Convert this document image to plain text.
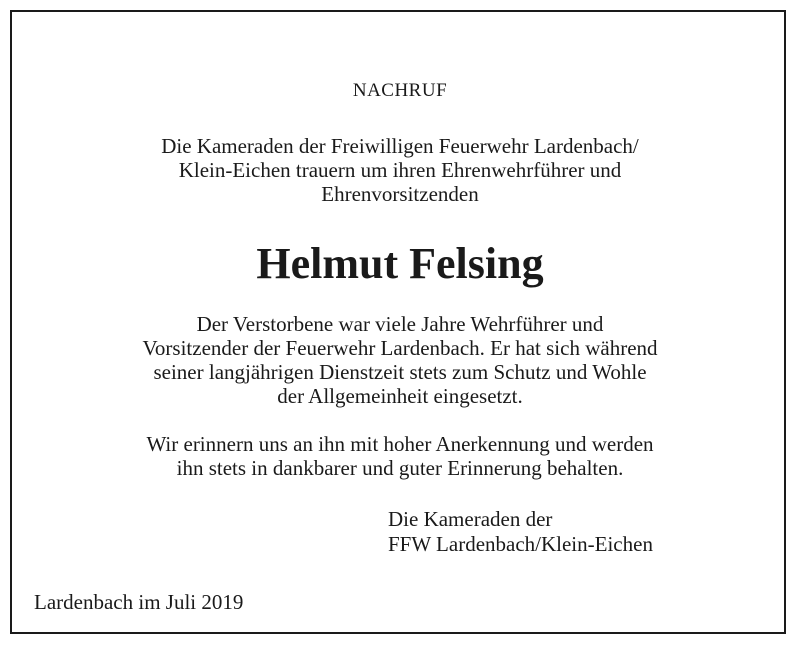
NACHRUF
Die Kameraden der Freiwilligen Feuerwehr Lardenbach/
Klein-Eichen trauern um ihren Ehrenwehrführer und
Ehrenvorsitzenden
Helmut Felsing
Der Verstorbene war viele Jahre Wehrführer und
Vorsitzender der Feuerwehr Lardenbach. Er hat sich während
seiner langjährigen Dienstzeit stets zum Schutz und Wohle
der Allgemeinheit eingesetzt.
Wir erinnern uns an ihn mit hoher Anerkennung und werden
ihn stets in dankbarer und guter Erinnerung behalten.
Die Kameraden der
FFW Lardenbach/Klein-Eichen
Lardenbach im Juli 2019
